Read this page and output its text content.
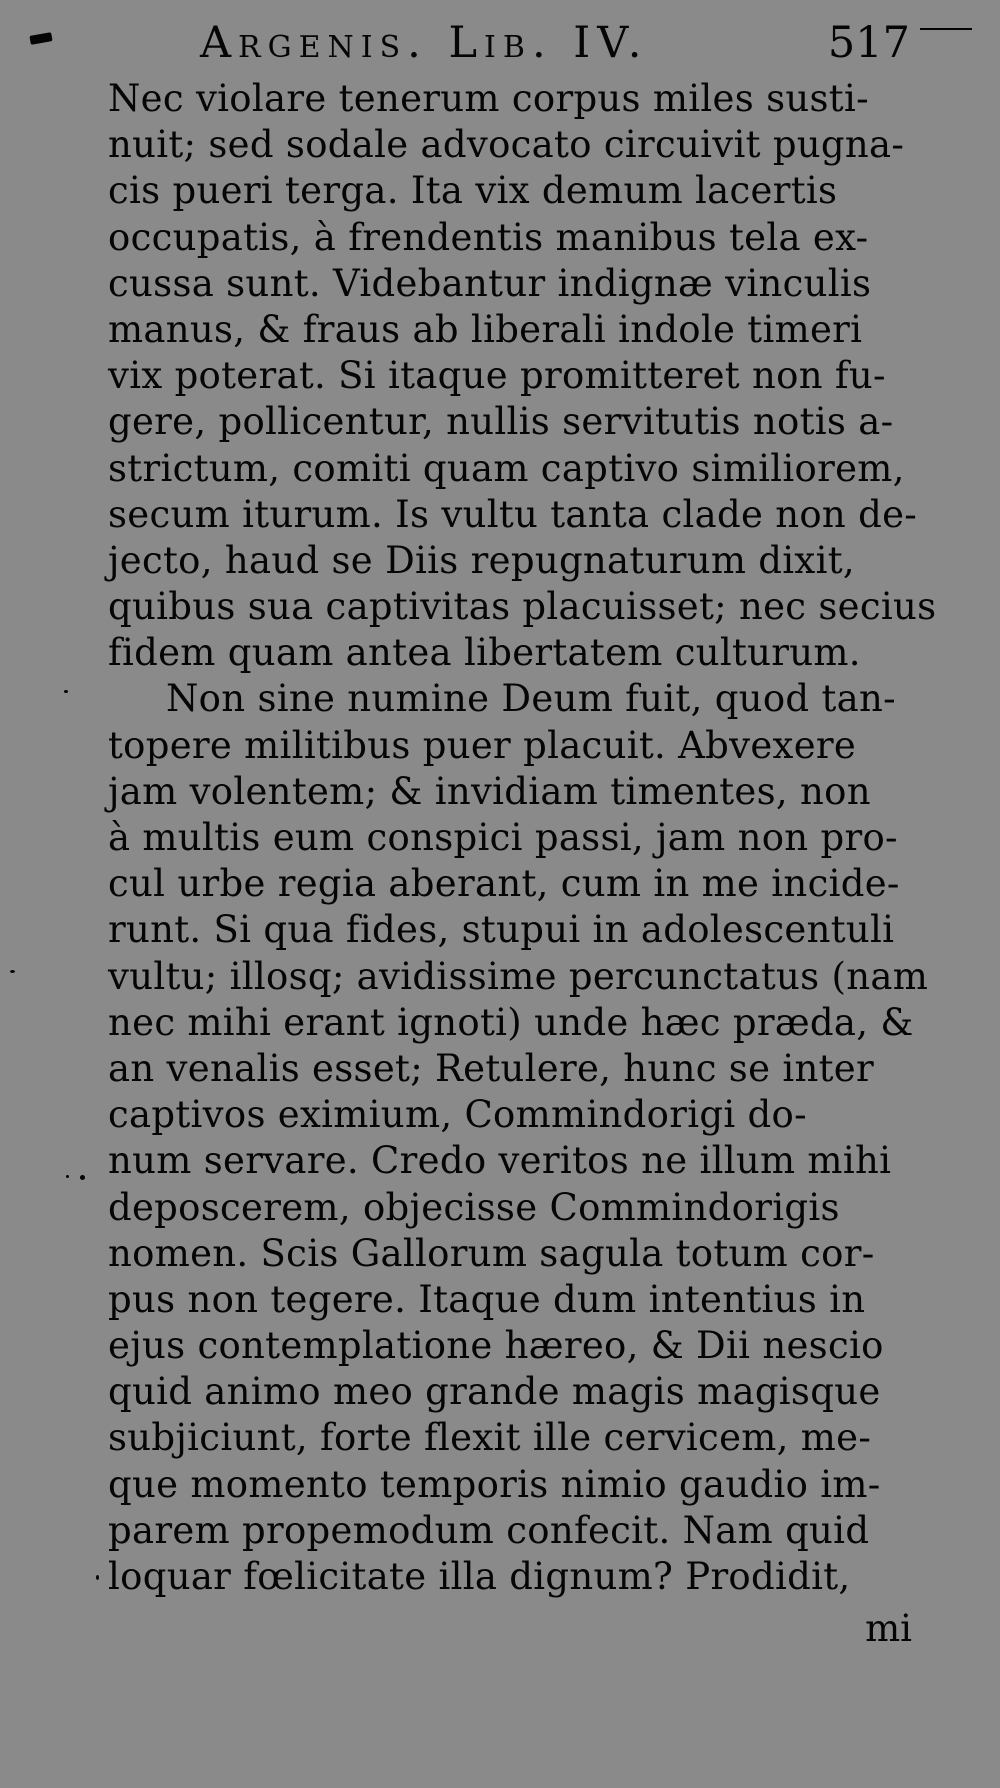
Argenis. Lib. IV.	517
Nec violare tenerum corpus miles susti-
nuit; sed sodale advocato circuivit pugna-
cis pueri terga. Ita vix demum lacertis
occupatis, à frendentis manibus tela ex-
cussa sunt. Videbantur indignæ vinculis
manus, & fraus ab liberali indole timeri
vix poterat. Si itaque promitteret non fu-
gere, pollicentur, nullis servitutis notis a-
strictum, comiti quam captivo similiorem,
secum iturum. Is vultu tanta clade non de-
jecto, haud se Diis repugnaturum dixit,
quibus sua captivitas placuisset; nec secius
fidem quam antea libertatem culturum.
Non sine numine Deum fuit, quod tan-
topere militibus puer placuit. Abvexere
jam volentem; & invidiam timentes, non
à multis eum conspici passi, jam non pro-
cul urbe regia aberant, cum in me incide-
runt. Si qua fides, stupui in adolescentuli
vultu; illosq; avidissime percunctatus (nam
nec mihi erant ignoti) unde hæc præda, &
an venalis esset; Retulere, hunc se inter
captivos eximium, Commindorigi do-
num servare. Credo veritos ne illum mihi
deposcerem, objecisse Commindorigis
nomen. Scis Gallorum sagula totum cor-
pus non tegere. Itaque dum intentius in
ejus contemplatione hæreo, & Dii nescio
quid animo meo grande magis magisque
subjiciunt, forte flexit ille cervicem, me-
que momento temporis nimio gaudio im-
parem propemodum confecit. Nam quid
loquar fœlicitate illa dignum? Prodidit,
mi
